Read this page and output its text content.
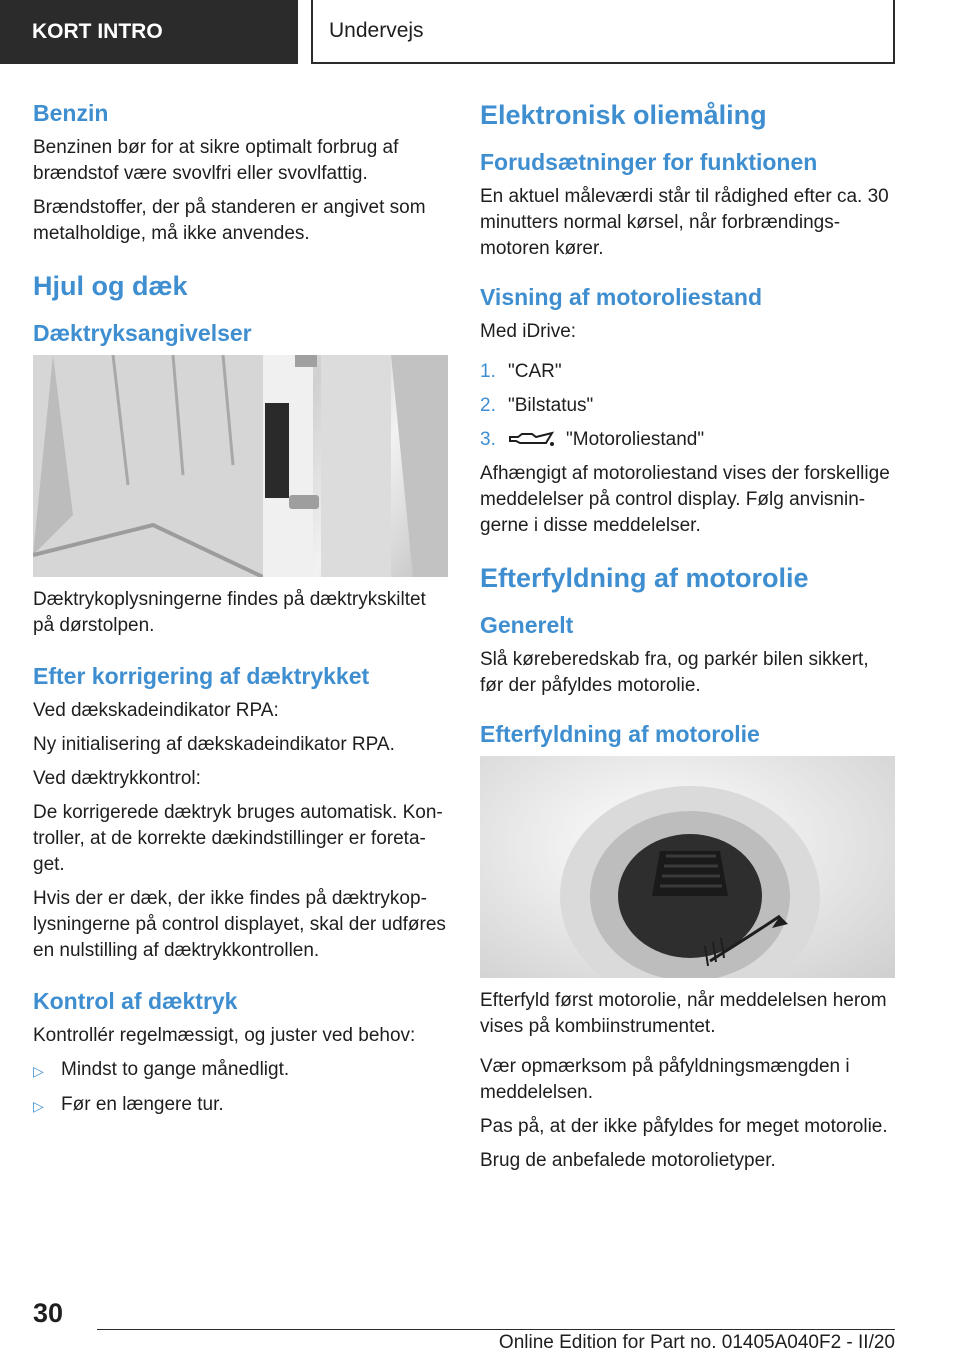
KORT INTRO	Undervejs
Benzin

Benzinen bør for at sikre optimalt forbrug af brændstof være svovlfri eller svovlfattig.

Brændstoffer, der på standeren er angivet som metalholdige, må ikke anvendes.

Hjul og dæk
Dæktryksangivelser

Dæktrykoplysningerne findes på dæktrykskiltet på dørstolpen.

Efter korrigering af dæktrykket

Ved dækskadeindikator RPA:

Ny initialisering af dækskadeindikator RPA.

Ved dæktrykkontrol:

De korrigerede dæktryk bruges automatisk. Kontroller, at de korrekte dækindstillinger er foretaget.

Hvis der er dæk, der ikke findes på dæktrykoplysningerne på control displayet, skal der udføres en nulstilling af dæktrykkontrollen.

Kontrol af dæktryk

Kontrollér regelmæssigt, og juster ved behov:

▷ Mindst to gange månedligt.
▷ Før en længere tur.
Elektronisk oliemåling
Forudsætninger for funktionen

En aktuel måleværdi står til rådighed efter ca. 30 minutters normal kørsel, når forbrændingsmotoren kører.

Visning af motoroliestand

Med iDrive:

1. "CAR"
2. "Bilstatus"
3.	"Motoroliestand"

Afhængigt af motoroliestand vises der forskellige meddelelser på control display. Følg anvisningerne i disse meddelelser.

Efterfyldning af motorolie
Generelt

Slå køreberedskab fra, og parkér bilen sikkert, før der påfyldes motorolie.

Efterfyldning af motorolie

Efterfyld først motorolie, når meddelelsen herom vises på kombiinstrumentet.

Vær opmærksom på påfyldningsmængden i meddelelsen.

Pas på, at der ikke påfyldes for meget motorolie.

Brug de anbefalede motorolietyper.

30
Online Edition for Part no. 01405A040F2 - II/20
